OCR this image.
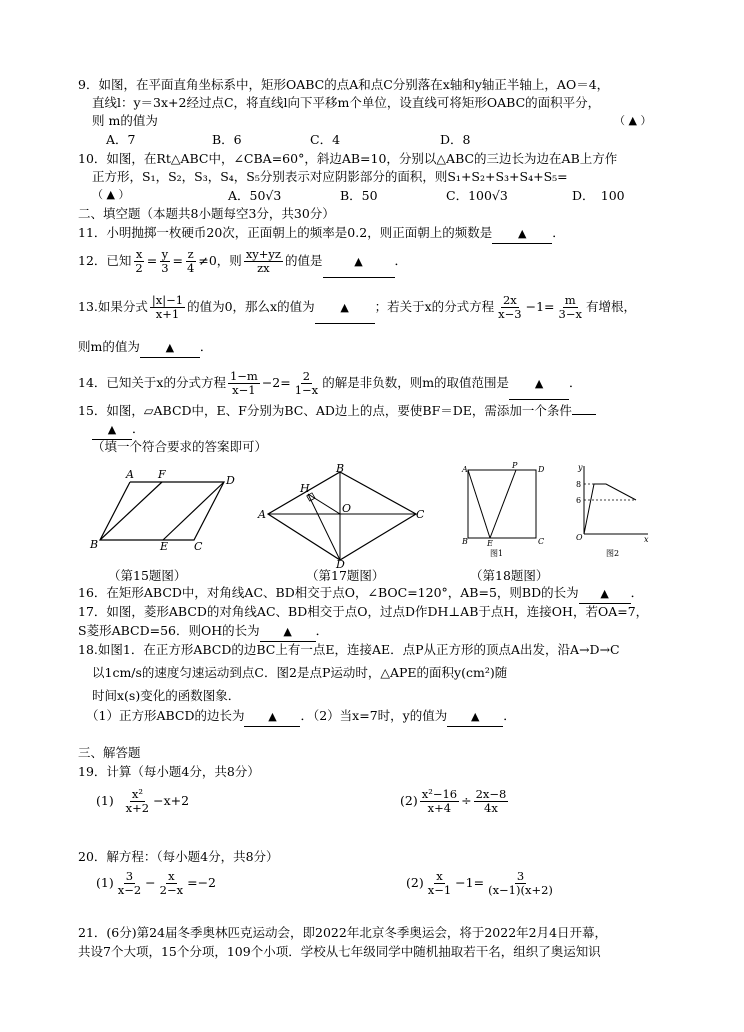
9．如图，在平面直角坐标系中，矩形OABC的点A和点C分别落在x轴和y轴正半轴上，AO＝4，
直线l：y＝3x+2经过点C，将直线l向下平移m个单位，设直线可将矩形OABC的面积平分，
则 m的值为	（ ▲ ）
A．7	B．6	C．4	D．8
10．如图，在Rt△ABC中，∠CBA=60°，斜边AB=10，分别以△ABC的三边长为边在AB上方作
正方形，S₁，S₂，S₃，S₄，S₅分别表示对应阴影部分的面积，则S₁+S₂+S₃+S₄+S₅=
（ ▲ ）	A．50√3	B．50	C．100√3	D．　100
二、填空题（本题共8小题每空3分，共30分）
11．小明抛掷一枚硬币20次，正面朝上的频率是0.2，则正面朝上的频数是 ▲ ．
12．已知 $\frac{x}{2} = \frac{y}{3} = \frac{z}{4} \ne 0$，则 $\frac{xy+yz}{zx}$ 的值是	▲	．
13.如果分式 $\frac{|x|-1}{x+1}$ 的值为0，那么x的值为 ▲ ；若关于x的分式方程 $\frac{2x}{x-3} -1= \frac{m}{3-x}$ 有增根，
则m的值为 ▲ ．
14．已知关于x的分式方程 $\frac{1-m}{x-1} -2= \frac{2}{1-x}$ 的解是非负数，则m的取值范围是 ▲ ．
15．如图，▱ABCD中，E、F分别为BC、AD边上的点，要使BF＝DE，需添加一个条件
▲ ．
（填一个符合要求的答案即可）
A F	D
B	E C
B
H
O
A	C
D
A	P	D
B E	C
图1
y
8
6
O	x
图2
（第15题图）	（第17题图）	（第18题图）
16．在矩形ABCD中，对角线AC、BD相交于点O，∠BOC=120°，AB=5，则BD的长为 ▲ ．
17．如图，菱形ABCD的对角线AC、BD相交于点O，过点D作DH⊥AB于点H，连接OH，若OA=7，
S菱形ABCD=56．则OH的长为 ▲ ．
18.如图1．在正方形ABCD的边BC上有一点E，连接AE．点P从正方形的顶点A出发，沿A→D→C
以1cm/s的速度匀速运动到点C．图2是点P运动时，△APE的面积y(cm²)随
时间x(s)变化的函数图象．
（1）正方形ABCD的边长为 ▲ ．（2）当x=7时，y的值为 ▲ ．
三、解答题
19．计算（每小题4分，共8分）
$(1) \frac{\text{x²}}{x+2} -x+2$	$(2) \frac{\text{x²−16}}{x+4} \div \frac{2x-8}{4x}$
20．解方程：（每小题4分，共8分）
$(1) \frac{3}{x-2} - \frac{x}{2-x} =-2$	$(2) \frac{x}{x-1} -1= \frac{3}{(x-1)(x+2)}$
21．(6分)第24届冬季奥林匹克运动会，即2022年北京冬季奥运会，将于2022年2月4日开幕，
共设7个大项，15个分项，109个小项．学校从七年级同学中随机抽取若干名，组织了奥运知识
